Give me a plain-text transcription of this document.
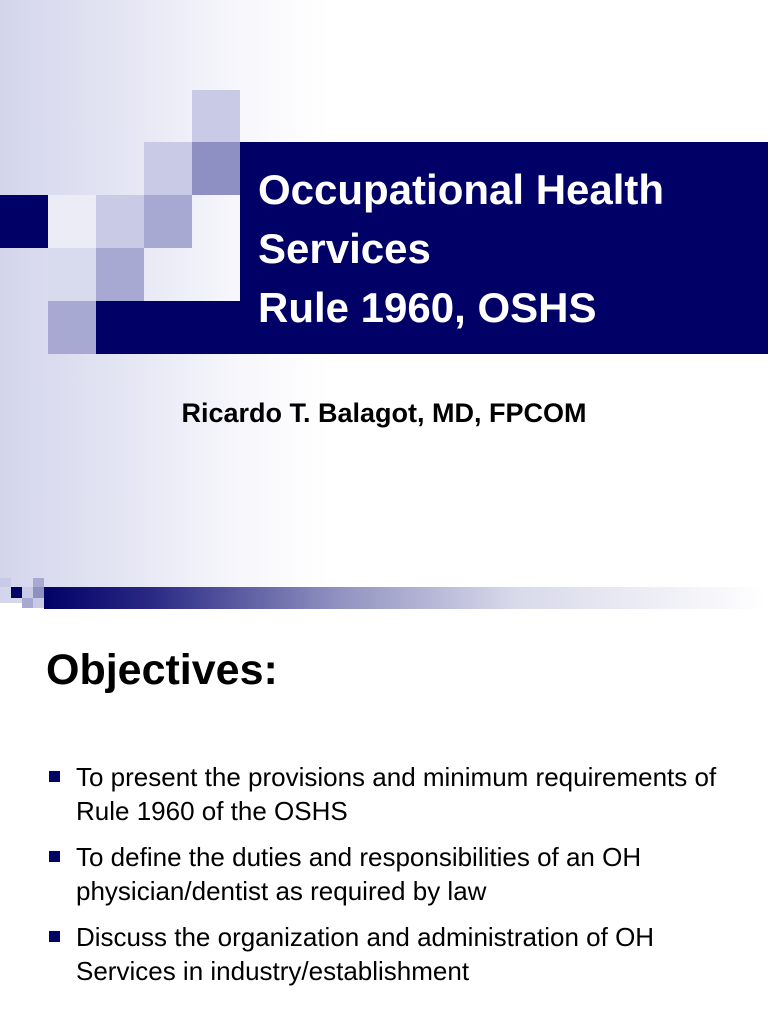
Occupational Health
Services
Rule 1960, OSHS
Ricardo T. Balagot, MD, FPCOM
Objectives:
To present the provisions and minimum requirements of Rule 1960 of the OSHS
To define the duties and responsibilities of an OH physician/dentist as required by law
Discuss the organization and administration of OH Services in industry/establishment
